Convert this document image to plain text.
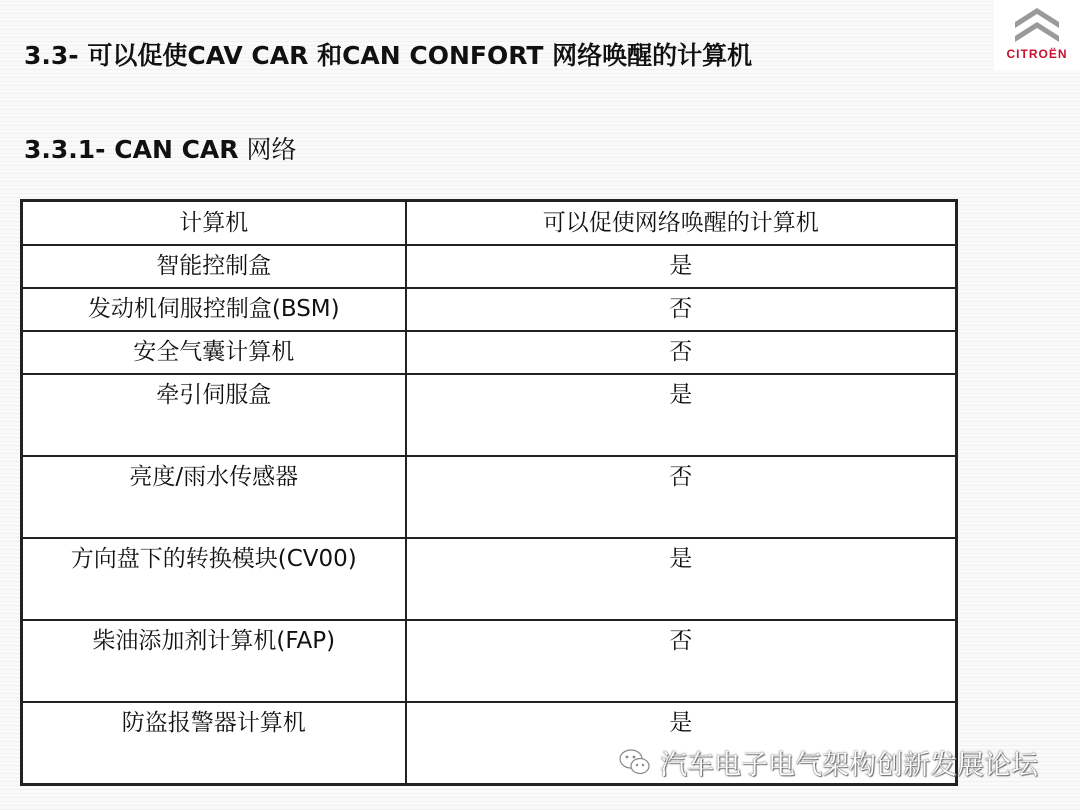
3.3- 可以促使CAV CAR 和CAN CONFORT 网络唤醒的计算机
3.3.1- CAN CAR 网络
CITROËN
计算机	可以促使网络唤醒的计算机
智能控制盒	是
发动机伺服控制盒(BSM)	否
安全气囊计算机	否
牵引伺服盒	是
亮度/雨水传感器	否
方向盘下的转换模块(CV00)	是
柴油添加剂计算机(FAP)	否
防盗报警器计算机	是
汽车电子电气架构创新发展论坛
